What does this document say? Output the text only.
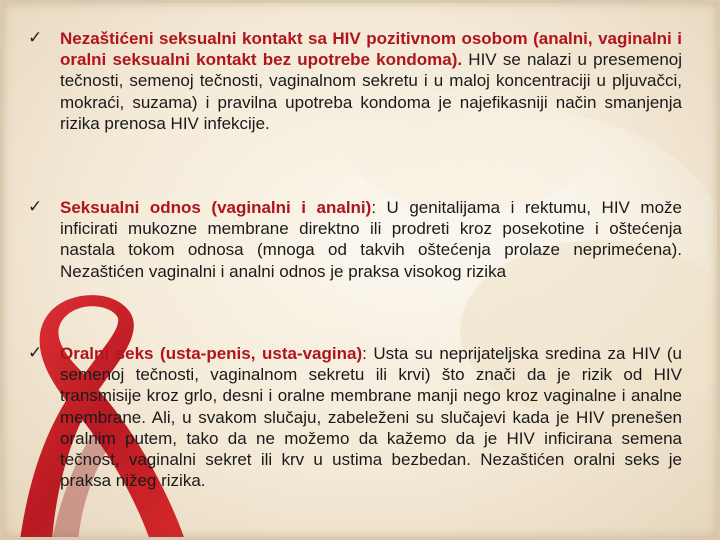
✓ Nezaštićeni seksualni kontakt sa HIV pozitivnom osobom (analni, vaginalni i oralni seksualni kontakt bez upotrebe kondoma). HIV se nalazi u presemenoj tečnosti, semenoj tečnosti, vaginalnom sekretu i u maloj koncentraciji u pljuvačci, mokraći, suzama) i pravilna upotreba kondoma je najefikasniji način smanjenja rizika prenosa HIV infekcije.
✓ Seksualni odnos (vaginalni i analni): U genitalijama i rektumu, HIV može inficirati mukozne membrane direktno ili prodreti kroz posekotine i oštećenja nastala tokom odnosa (mnoga od takvih oštećenja prolaze neprimećena). Nezaštićen vaginalni i analni odnos je praksa visokog rizika
✓ Oralni seks (usta-penis, usta-vagina): Usta su neprijateljska sredina za HIV (u semenoj tečnosti, vaginalnom sekretu ili krvi) što znači da je rizik od HIV transmisije kroz grlo, desni i oralne membrane manji nego kroz vaginalne i analne membrane. Ali, u svakom slučaju, zabeleženi su slučajevi kada je HIV prenešen oralnim putem, tako da ne možemo da kažemo da je HIV inficirana semena tečnost, vaginalni sekret ili krv u ustima bezbedan. Nezaštićen oralni seks je praksa nižeg rizika.
